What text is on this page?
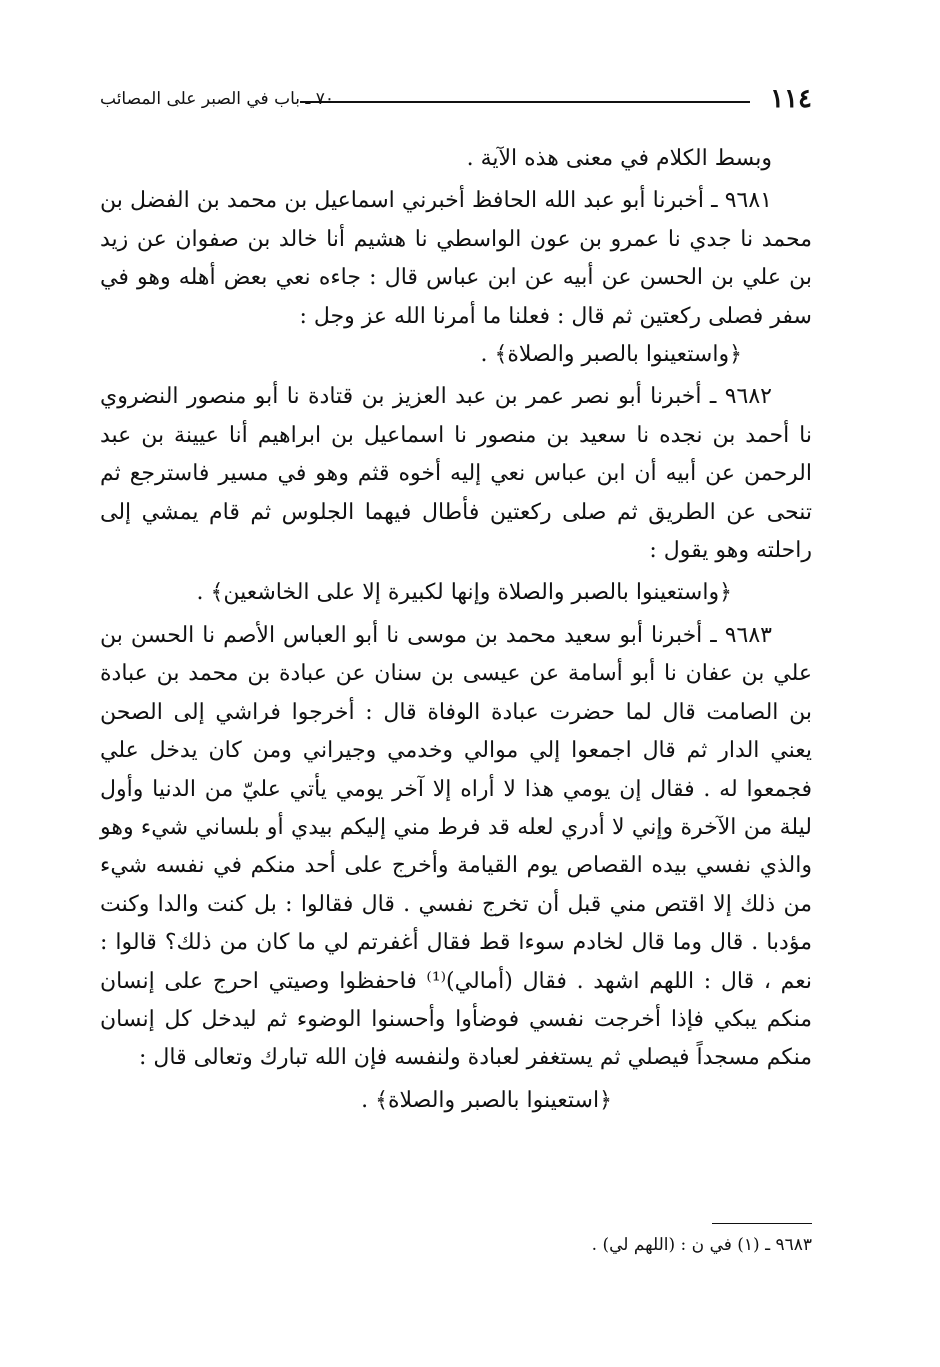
١١٤
٧٠ ـ باب في الصبر على المصائب

وبسط الكلام في معنى هذه الآية .

٩٦٨١ ـ أخبرنا أبو عبد الله الحافظ أخبرني اسماعيل بن محمد بن الفضل بن محمد نا جدي نا عمرو بن عون الواسطي نا هشيم أنا خالد بن صفوان عن زيد بن علي بن الحسن عن أبيه عن ابن عباس قال : جاءه نعي بعض أهله وهو في سفر فصلى ركعتين ثم قال : فعلنا ما أمرنا الله عز وجل :

﴿واستعينوا بالصبر والصلاة﴾ .

٩٦٨٢ ـ أخبرنا أبو نصر عمر بن عبد العزيز بن قتادة نا أبو منصور النضروي نا أحمد بن نجده نا سعيد بن منصور نا اسماعيل بن ابراهيم أنا عيينة بن عبد الرحمن عن أبيه أن ابن عباس نعي إليه أخوه قثم وهو في مسير فاسترجع ثم تنحى عن الطريق ثم صلى ركعتين فأطال فيهما الجلوس ثم قام يمشي إلى راحلته وهو يقول :

﴿واستعينوا بالصبر والصلاة وإنها لكبيرة إلا على الخاشعين﴾ .

٩٦٨٣ ـ أخبرنا أبو سعيد محمد بن موسى نا أبو العباس الأصم نا الحسن بن علي بن عفان نا أبو أسامة عن عيسى بن سنان عن عبادة بن محمد بن عبادة بن الصامت قال لما حضرت عبادة الوفاة قال : أخرجوا فراشي إلى الصحن يعني الدار ثم قال اجمعوا إلي موالي وخدمي وجيراني ومن كان يدخل علي فجمعوا له . فقال إن يومي هذا لا أراه إلا آخر يومي يأتي عليّ من الدنيا وأول ليلة من الآخرة وإني لا أدري لعله قد فرط مني إليكم بيدي أو بلساني شيء وهو والذي نفسي بيده القصاص يوم القيامة وأخرج على أحد منكم في نفسه شيء من ذلك إلا اقتص مني قبل أن تخرج نفسي . قال فقالوا : بل كنت والدا وكنت مؤدبا . قال وما قال لخادم سوءا قط فقال أغفرتم لي ما كان من ذلك؟ قالوا : نعم ، قال : اللهم اشهد . فقال (أمالي)⁽¹⁾ فاحفظوا وصيتي احرج على إنسان منكم يبكي فإذا أخرجت نفسي فوضأوا وأحسنوا الوضوء ثم ليدخل كل إنسان منكم مسجداً فيصلي ثم يستغفر لعبادة ولنفسه فإن الله تبارك وتعالى قال :

﴿استعينوا بالصبر والصلاة﴾ .

٩٦٨٣ ـ (١) في ن : (اللهم لي) .
